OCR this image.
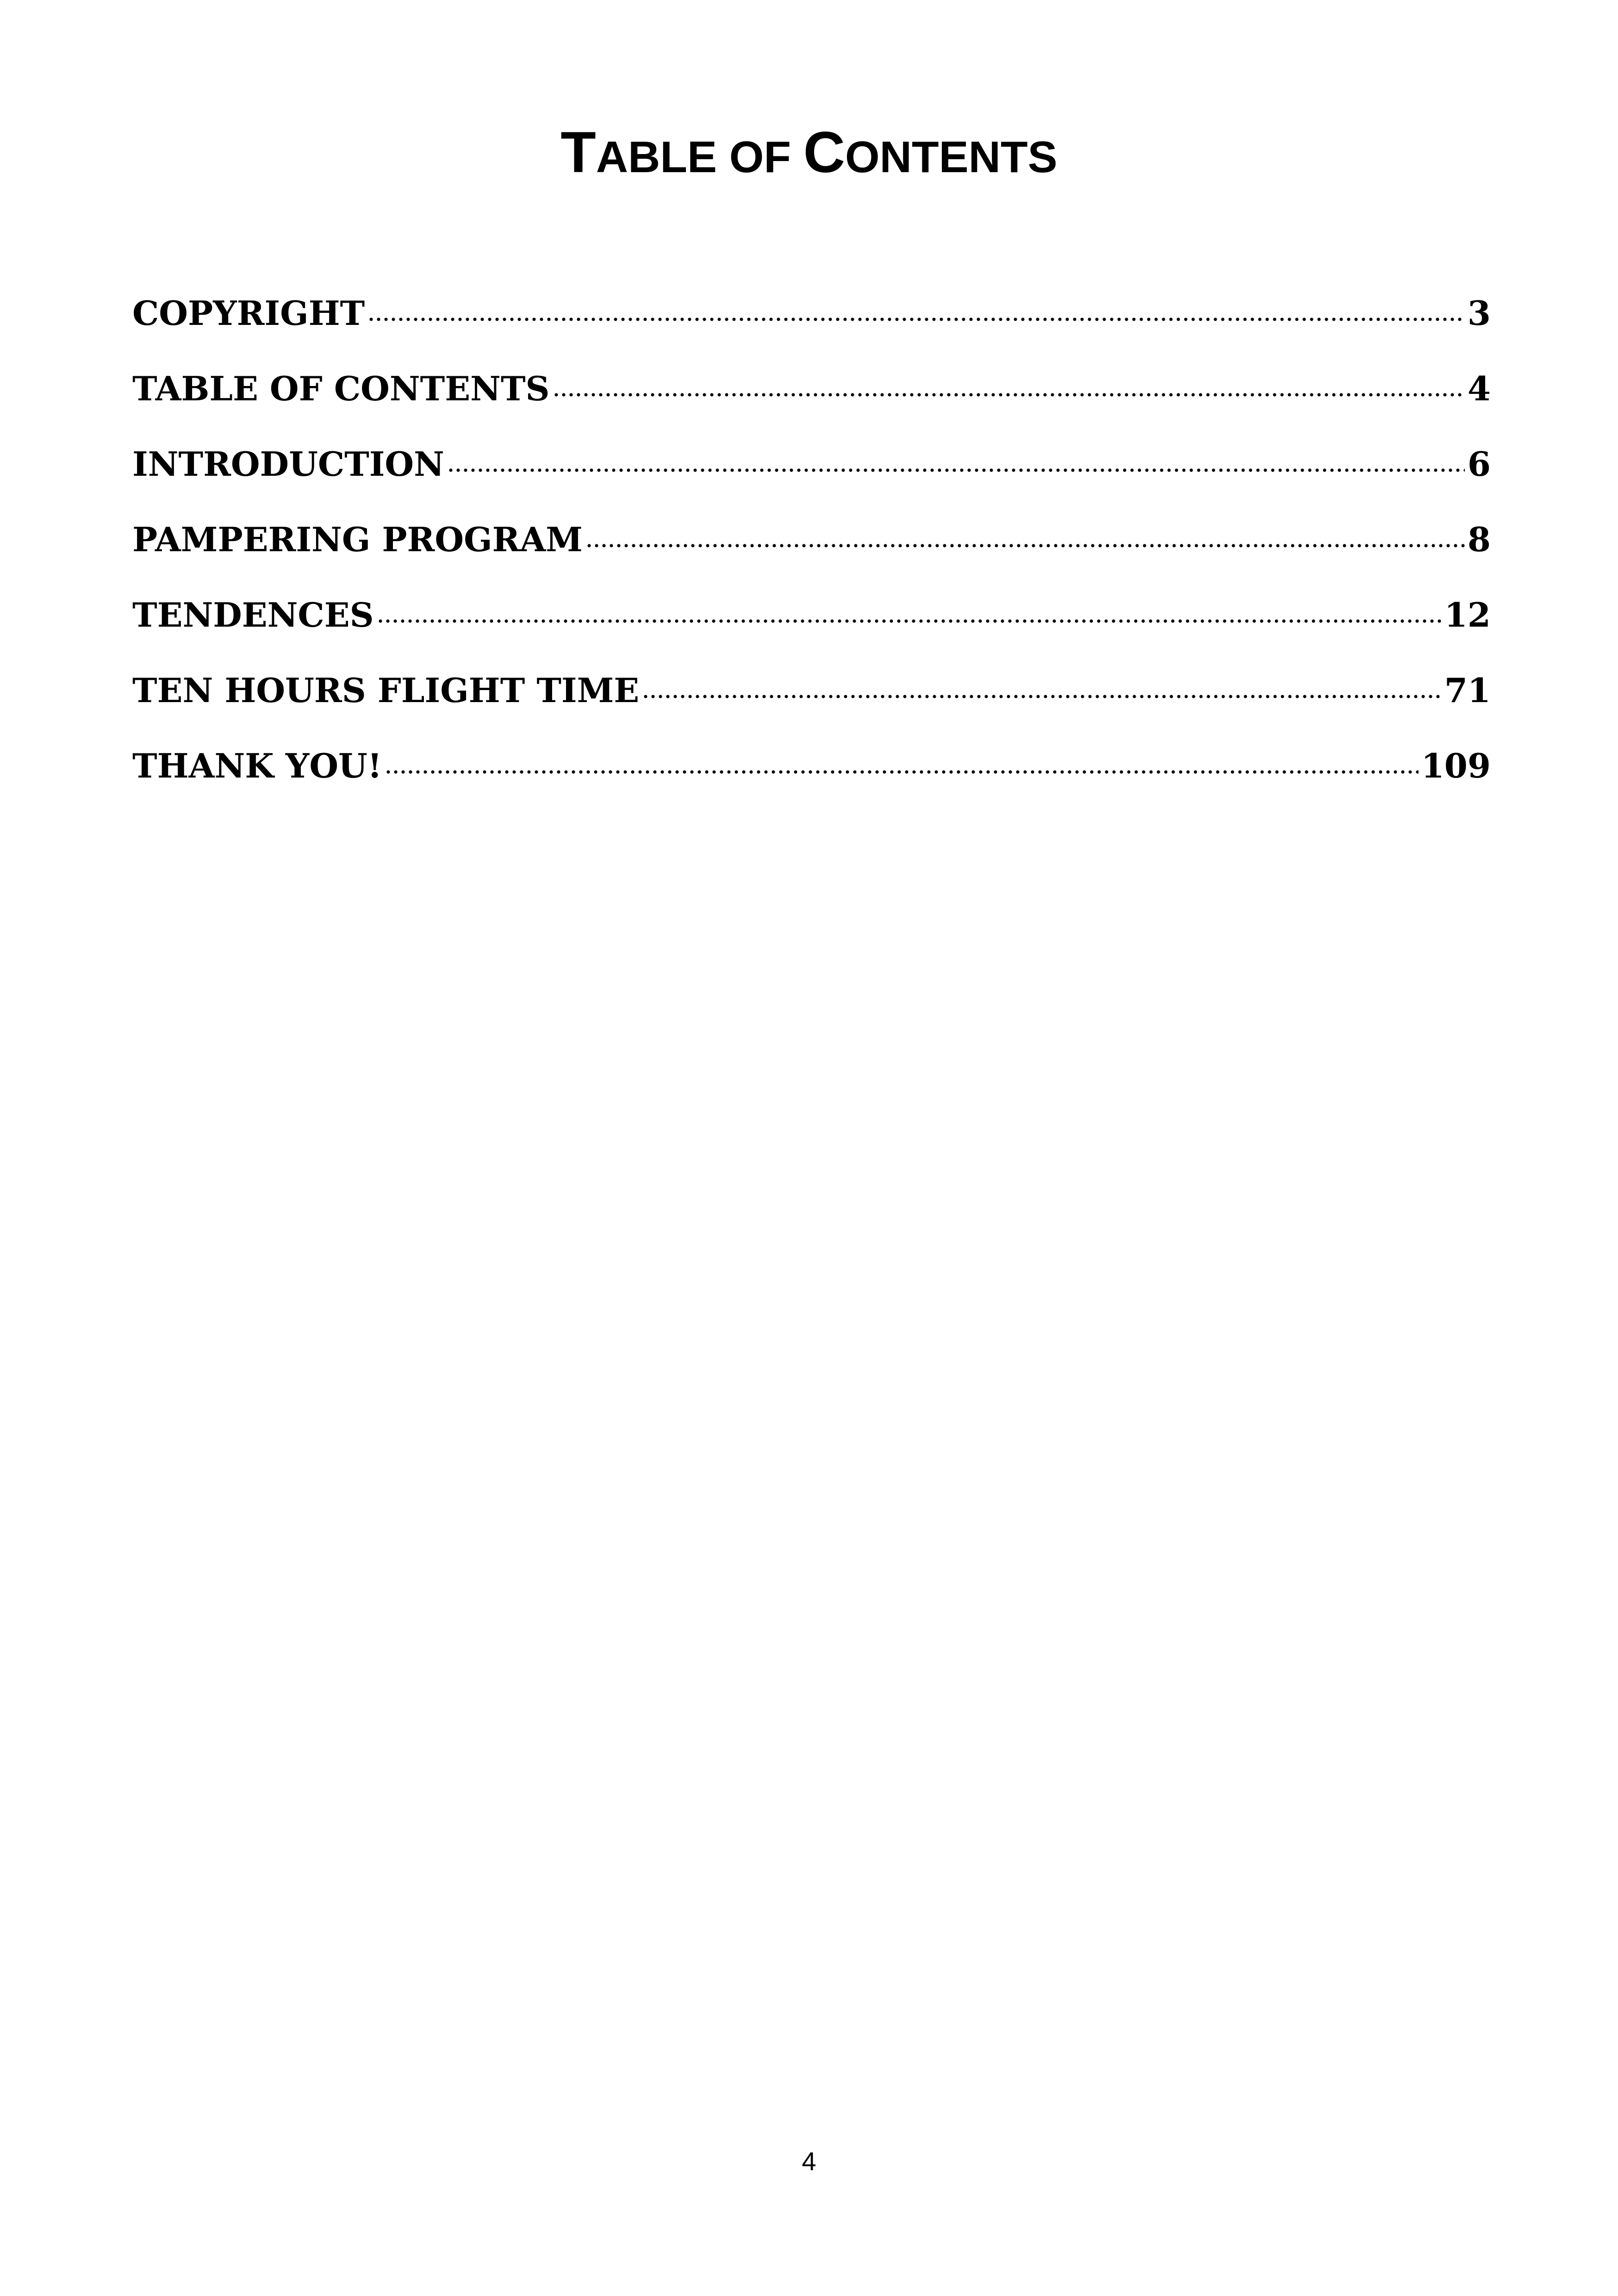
TABLE OF CONTENTS
COPYRIGHT	3
TABLE OF CONTENTS	4
INTRODUCTION	6
PAMPERING PROGRAM	8
TENDENCES	12
TEN HOURS FLIGHT TIME	71
THANK YOU!	109
4
